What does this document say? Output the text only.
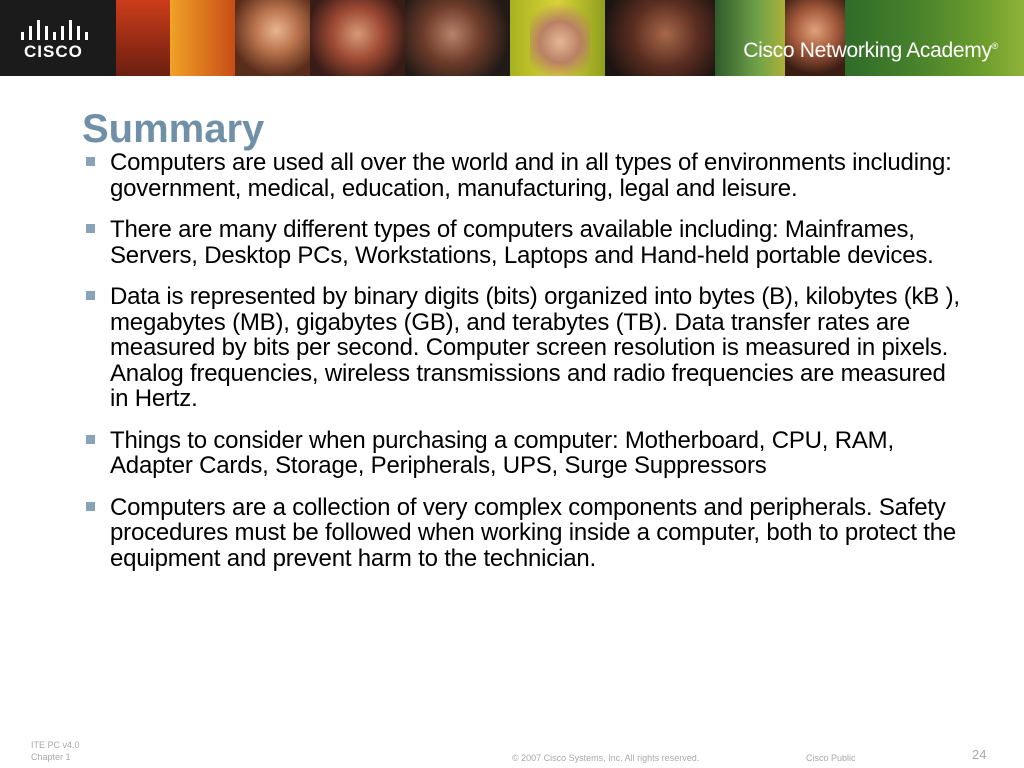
CISCO	Cisco Networking Academy®
Summary
Computers are used all over the world and in all types of environments including: government, medical, education, manufacturing, legal and leisure.
There are many different types of computers available including: Mainframes, Servers, Desktop PCs, Workstations, Laptops and Hand-held portable devices.
Data is represented by binary digits (bits) organized into bytes (B), kilobytes (kB ), megabytes (MB), gigabytes (GB), and terabytes (TB). Data transfer rates are measured by bits per second. Computer screen resolution is measured in pixels. Analog frequencies, wireless transmissions and radio frequencies are measured in Hertz.
Things to consider when purchasing a computer: Motherboard, CPU, RAM, Adapter Cards, Storage, Peripherals, UPS, Surge Suppressors
Computers are a collection of very complex components and peripherals. Safety procedures must be followed when working inside a computer, both to protect the equipment and prevent harm to the technician.
ITE PC v4.0
Chapter 1	© 2007 Cisco Systems, Inc. All rights reserved.	Cisco Public	24
